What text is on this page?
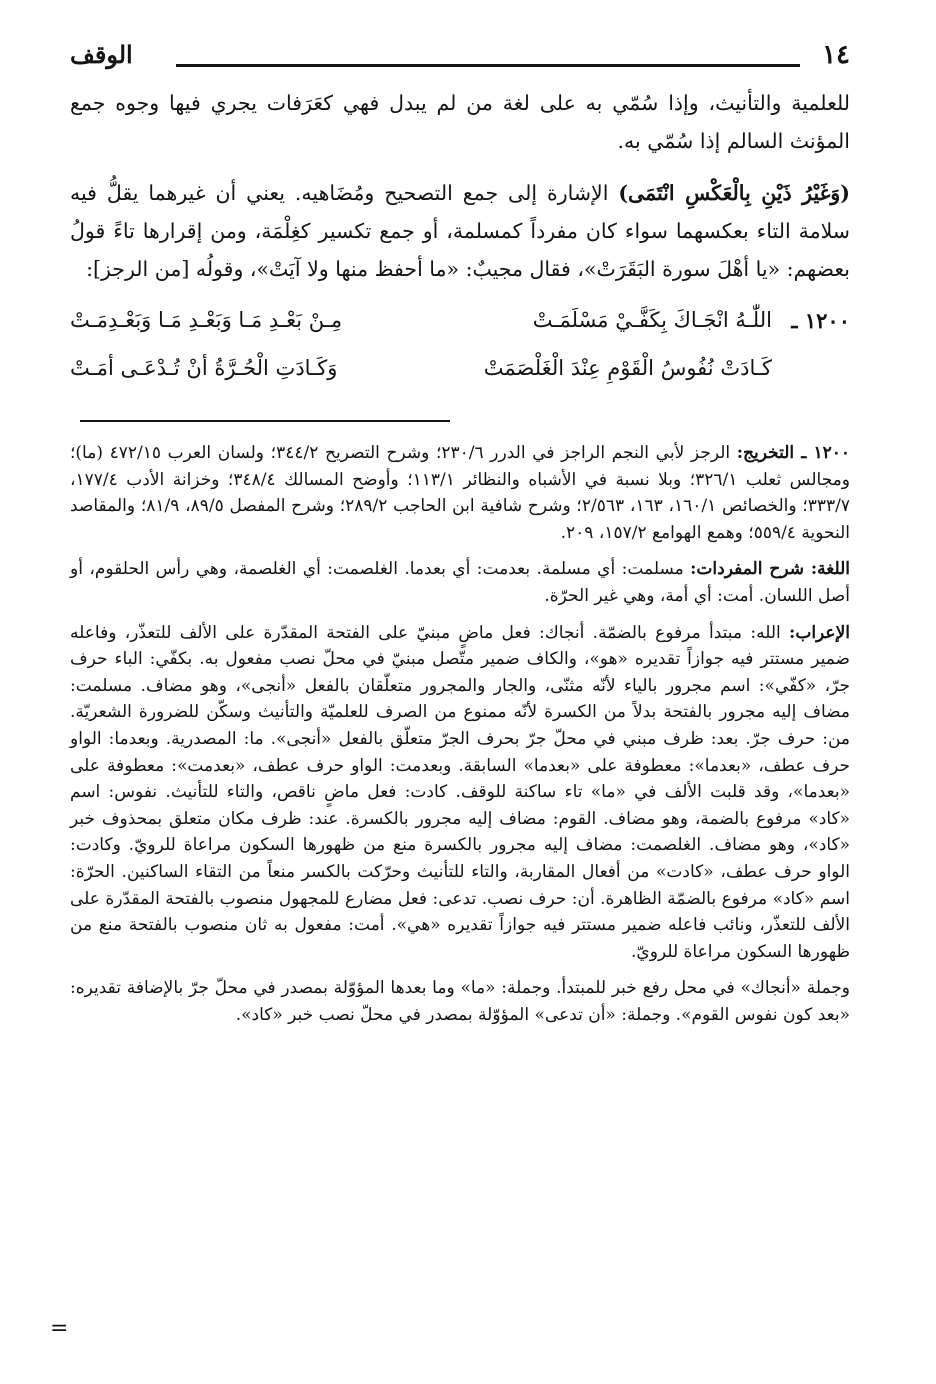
١٤
الوقف

للعلمية والتأنيث، وإذا سُمّي به على لغة من لم يبدل فهي كعَرَفات يجري فيها وجوه جمع المؤنث السالم إذا سُمّي به.

(وَغَيْرُ ذَيْنِ بِالْعَكْسِ انْتَمَى) الإشارة إلى جمع التصحيح ومُضَاهيه. يعني أن غيرهما يقلُّ فيه سلامة التاء بعكسهما سواء كان مفرداً كمسلمة، أو جمع تكسير كغِلْمَة، ومن إقرارها تاءً قولُ بعضهم: «يا أهْلَ سورة البَقَرَتْ»، فقال مجيبٌ: «ما أحفظ منها ولا آيَتْ»، وقولُه [من الرجز]:

١٢٠٠ ـ
اللّٰـهُ انْجَـاكَ بِكَفَّـيْ مَسْلَمَـتْ
مِـنْ بَعْـدِ مَـا وَبَعْـدِ مَـا وَبَعْـدِمَـتْ
كَـادَتْ نُفُوسُ الْقَوْمِ عِنْدَ الْغَلْصَمَتْ
وَكَـادَتِ الْحُـرَّةُ أنْ تُـدْعَـى أمَـتْ

١٢٠٠ ـ التخريج: الرجز لأبي النجم الراجز في الدرر ٢٣٠/٦؛ وشرح التصريح ٣٤٤/٢؛ ولسان العرب ٤٧٢/١٥ (ما)؛ ومجالس ثعلب ٣٢٦/١؛ وبلا نسبة في الأشباه والنظائر ١١٣/١؛ وأوضح المسالك ٣٤٨/٤؛ وخزانة الأدب ١٧٧/٤، ٣٣٣/٧؛ والخصائص ١٦٠/١، ١٦٣، ٢/٥٦٣؛ وشرح شافية ابن الحاجب ٢٨٩/٢؛ وشرح المفصل ٨٩/٥، ٨١/٩؛ والمقاصد النحوية ٥٥٩/٤؛ وهمع الهوامع ١٥٧/٢، ٢٠٩.

اللغة: شرح المفردات: مسلمت: أي مسلمة. بعدمت: أي بعدما. الغلصمت: أي الغلصمة، وهي رأس الحلقوم، أو أصل اللسان. أمت: أي أمة، وهي غير الحرّة.

الإعراب: الله: مبتدأ مرفوع بالضمّة. أنجاك: فعل ماضٍ مبنيّ على الفتحة المقدّرة على الألف للتعذّر، وفاعله ضمير مستتر فيه جوازاً تقديره «هو»، والكاف ضمير متّصل مبنيّ في محلّ نصب مفعول به. بكفّي: الباء حرف جرّ، «كفّي»: اسم مجرور بالياء لأنّه مثنّى، والجار والمجرور متعلّقان بالفعل «أنجى»، وهو مضاف. مسلمت: مضاف إليه مجرور بالفتحة بدلاً من الكسرة لأنّه ممنوع من الصرف للعلميّة والتأنيث وسكّن للضرورة الشعريّة. من: حرف جرّ. بعد: ظرف مبني في محلّ جرّ بحرف الجرّ متعلّق بالفعل «أنجى». ما: المصدرية. وبعدما: الواو حرف عطف، «بعدما»: معطوفة على «بعدما» السابقة. وبعدمت: الواو حرف عطف، «بعدمت»: معطوفة على «بعدما»، وقد قلبت الألف في «ما» تاء ساكنة للوقف. كادت: فعل ماضٍ ناقص، والتاء للتأنيث. نفوس: اسم «كاد» مرفوع بالضمة، وهو مضاف. القوم: مضاف إليه مجرور بالكسرة. عند: ظرف مكان متعلق بمحذوف خبر «كاد»، وهو مضاف. الغلصمت: مضاف إليه مجرور بالكسرة منع من ظهورها السكون مراعاة للرويّ. وكادت: الواو حرف عطف، «كادت» من أفعال المقاربة، والتاء للتأنيث وحرّكت بالكسر منعاً من التقاء الساكنين. الحرّة: اسم «كاد» مرفوع بالضمّة الظاهرة. أن: حرف نصب. تدعى: فعل مضارع للمجهول منصوب بالفتحة المقدّرة على الألف للتعذّر، ونائب فاعله ضمير مستتر فيه جوازاً تقديره «هي». أمت: مفعول به ثان منصوب بالفتحة منع من ظهورها السكون مراعاة للرويّ.

وجملة «أنجاك» في محل رفع خبر للمبتدأ. وجملة: «ما» وما بعدها المؤوّلة بمصدر في محلّ جرّ بالإضافة تقديره: «بعد كون نفوس القوم». وجملة: «أن تدعى» المؤوّلة بمصدر في محلّ نصب خبر «كاد».

=
